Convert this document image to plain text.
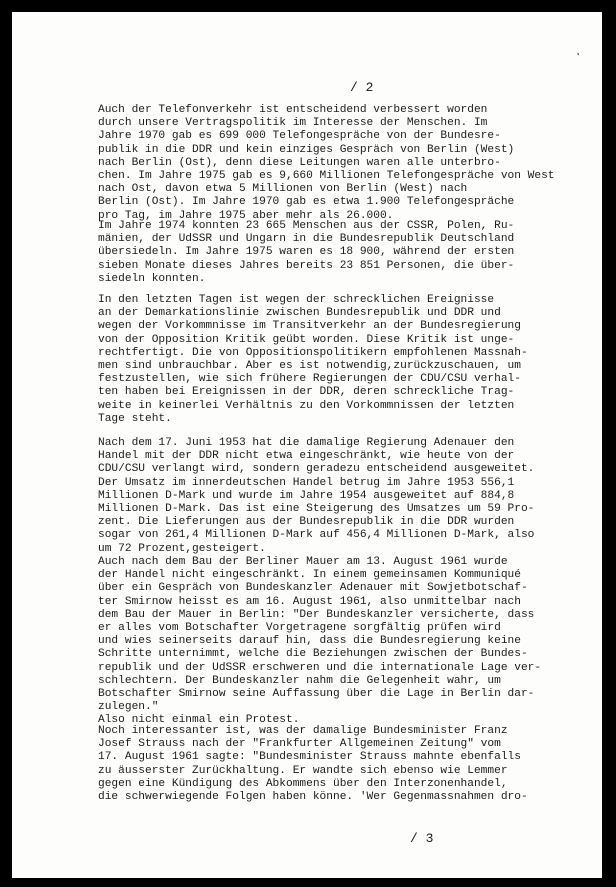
˺
/ 2
Auch der Telefonverkehr ist entscheidend verbessert worden
durch unsere Vertragspolitik im Interesse der Menschen. Im
Jahre 1970 gab es 699 000 Telefongespräche von der Bundesre-
publik in die DDR und kein einziges Gespräch von Berlin (West)
nach Berlin (Ost), denn diese Leitungen waren alle unterbro-
chen. Im Jahre 1975 gab es 9,660 Millionen Telefongespräche von West
nach Ost, davon etwa 5 Millionen von Berlin (West) nach
Berlin (Ost). Im Jahre 1970 gab es etwa 1.900 Telefongespräche
pro Tag, im Jahre 1975 aber mehr als 26.000.
Im Jahre 1974 konnten 23 665 Menschen aus der CSSR, Polen, Ru-
mänien, der UdSSR und Ungarn in die Bundesrepublik Deutschland
übersiedeln. Im Jahre 1975 waren es 18 900, während der ersten
sieben Monate dieses Jahres bereits 23 851 Personen, die über-
siedeln konnten.
In den letzten Tagen ist wegen der schrecklichen Ereignisse
an der Demarkationslinie zwischen Bundesrepublik und DDR und
wegen der Vorkommnisse im Transitverkehr an der Bundesregierung
von der Opposition Kritik geübt worden. Diese Kritik ist unge-
rechtfertigt. Die von Oppositionspolitikern empfohlenen Massnah-
men sind unbrauchbar. Aber es ist notwendig,zurückzuschauen, um
festzustellen, wie sich frühere Regierungen der CDU/CSU verhal-
ten haben bei Ereignissen in der DDR, deren schreckliche Trag-
weite in keinerlei Verhältnis zu den Vorkommnissen der letzten
Tage steht.
Nach dem 17. Juni 1953 hat die damalige Regierung Adenauer den
Handel mit der DDR nicht etwa eingeschränkt, wie heute von der
CDU/CSU verlangt wird, sondern geradezu entscheidend ausgeweitet.
Der Umsatz im innerdeutschen Handel betrug im Jahre 1953 556,1
Millionen D-Mark und wurde im Jahre 1954 ausgeweitet auf 884,8
Millionen D-Mark. Das ist eine Steigerung des Umsatzes um 59 Pro-
zent. Die Lieferungen aus der Bundesrepublik in die DDR wurden
sogar von 261,4 Millionen D-Mark auf 456,4 Millionen D-Mark, also
um 72 Prozent,gesteigert.
Auch nach dem Bau der Berliner Mauer am 13. August 1961 wurde
der Handel nicht eingeschränkt. In einem gemeinsamen Kommuniqué
über ein Gespräch von Bundeskanzler Adenauer mit Sowjetbotschaf-
ter Smirnow heisst es am 16. August 1961, also unmittelbar nach
dem Bau der Mauer in Berlin: "Der Bundeskanzler versicherte, dass
er alles vom Botschafter Vorgetragene sorgfältig prüfen wird
und wies seinerseits darauf hin, dass die Bundesregierung keine
Schritte unternimmt, welche die Beziehungen zwischen der Bundes-
republik und der UdSSR erschweren und die internationale Lage ver-
schlechtern. Der Bundeskanzler nahm die Gelegenheit wahr, um
Botschafter Smirnow seine Auffassung über die Lage in Berlin dar-
zulegen."
Also nicht einmal ein Protest.
Noch interessanter ist, was der damalige Bundesminister Franz
Josef Strauss nach der "Frankfurter Allgemeinen Zeitung" vom
17. August 1961 sagte: "Bundesminister Strauss mahnte ebenfalls
zu äusserster Zurückhaltung. Er wandte sich ebenso wie Lemmer
gegen eine Kündigung des Abkommens über den Interzonenhandel,
die schwerwiegende Folgen haben könne. 'Wer Gegenmassnahmen dro-
/ 3
